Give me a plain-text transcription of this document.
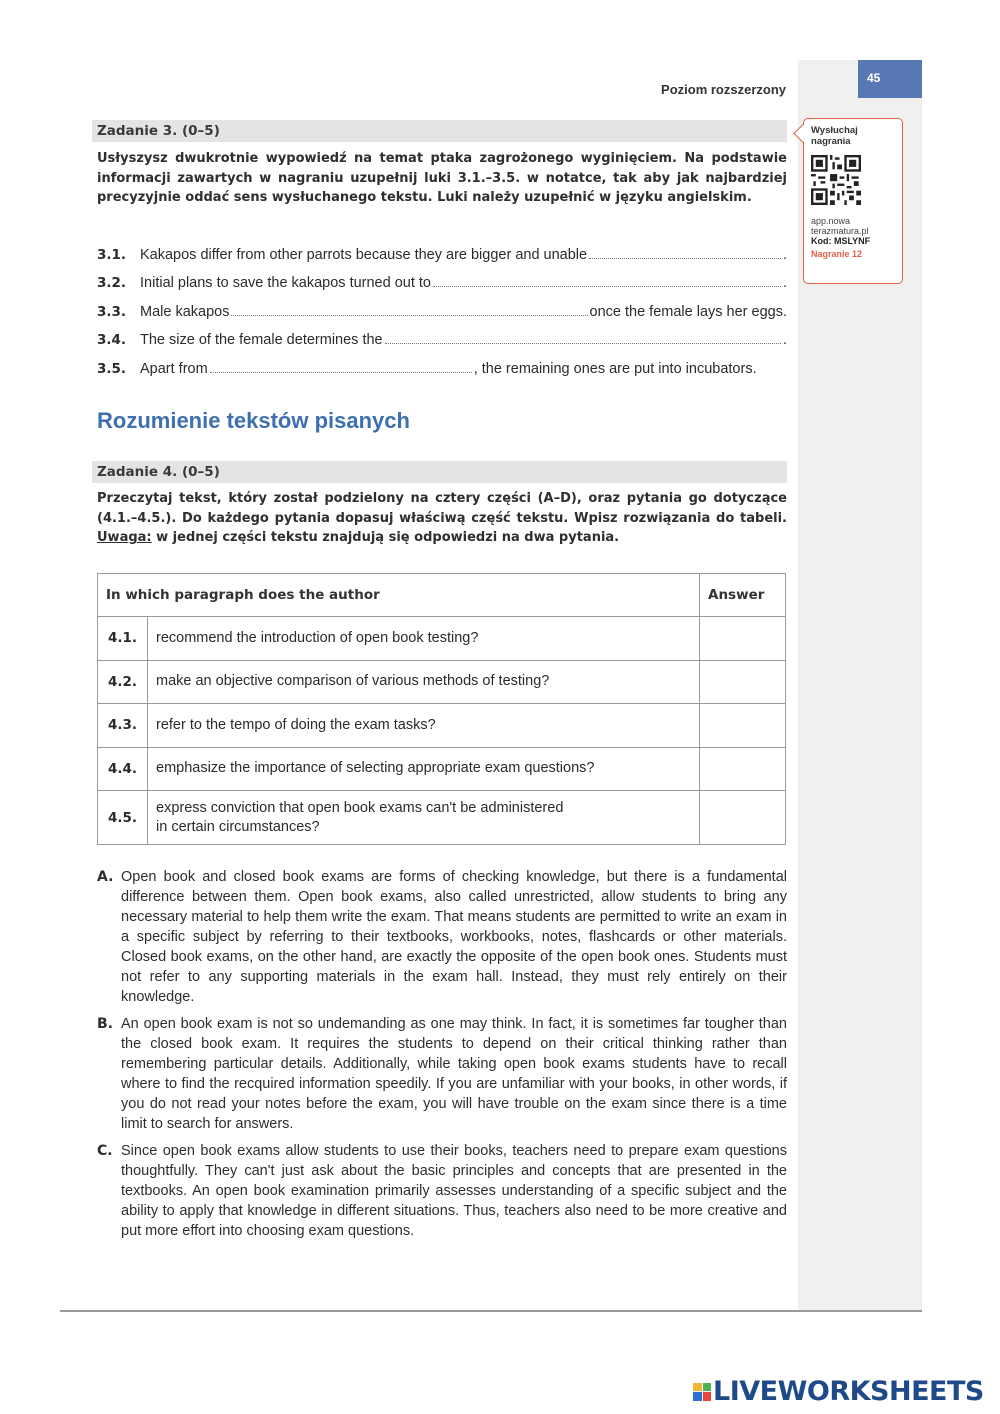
45
Poziom rozszerzony
Wysłuchaj
nagrania
app.nowa
terazmatura.pl
Kod: MSLYNF
Nagranie 12
Zadanie 3. (0–5)
Usłyszysz dwukrotnie wypowiedź na temat ptaka zagrożonego wyginięciem. Na podstawie informacji zawartych w nagraniu uzupełnij luki 3.1.–3.5. w notatce, tak aby jak najbardziej precyzyjnie oddać sens wysłuchanego tekstu. Luki należy uzupełnić w języku angielskim.
3.1. Kakapos differ from other parrots because they are bigger and unable	.
3.2. Initial plans to save the kakapos turned out to	.
3.3. Male kakapos	once the female lays her eggs.
3.4. The size of the female determines the	.
3.5. Apart from	, the remaining ones are put into incubators.
Rozumienie tekstów pisanych
Zadanie 4. (0–5)
Przeczytaj tekst, który został podzielony na cztery części (A–D), oraz pytania go dotyczące (4.1.–4.5.). Do każdego pytania dopasuj właściwą część tekstu. Wpisz rozwiązania do tabeli. Uwaga: w jednej części tekstu znajdują się odpowiedzi na dwa pytania.
In which paragraph does the author		Answer
4.1.	recommend the introduction of open book testing?	
4.2.	make an objective comparison of various methods of testing?	
4.3.	refer to the tempo of doing the exam tasks?	
4.4.	emphasize the importance of selecting appropriate exam questions?	
4.5.	express conviction that open book exams can't be administered
in certain circumstances?	

A. Open book and closed book exams are forms of checking knowledge, but there is a fundamental difference between them. Open book exams, also called unrestricted, allow students to bring any necessary material to help them write the exam. That means students are permitted to write an exam in a specific subject by referring to their textbooks, workbooks, notes, flashcards or other materials. Closed book exams, on the other hand, are exactly the opposite of the open book ones. Students must not refer to any supporting materials in the exam hall. Instead, they must rely entirely on their knowledge.
B. An open book exam is not so undemanding as one may think. In fact, it is sometimes far tougher than the closed book exam. It requires the students to depend on their critical thinking rather than remembering particular details. Additionally, while taking open book exams students have to recall where to find the recquired information speedily. If you are unfamiliar with your books, in other words, if you do not read your notes before the exam, you will have trouble on the exam since there is a time limit to search for answers.
C. Since open book exams allow students to use their books, teachers need to prepare exam questions thoughtfully. They can't just ask about the basic principles and concepts that are presented in the textbooks. An open book examination primarily assesses understanding of a specific subject and the ability to apply that knowledge in different situations. Thus, teachers also need to be more creative and put more effort into choosing exam questions.
LIVEWORKSHEETS
